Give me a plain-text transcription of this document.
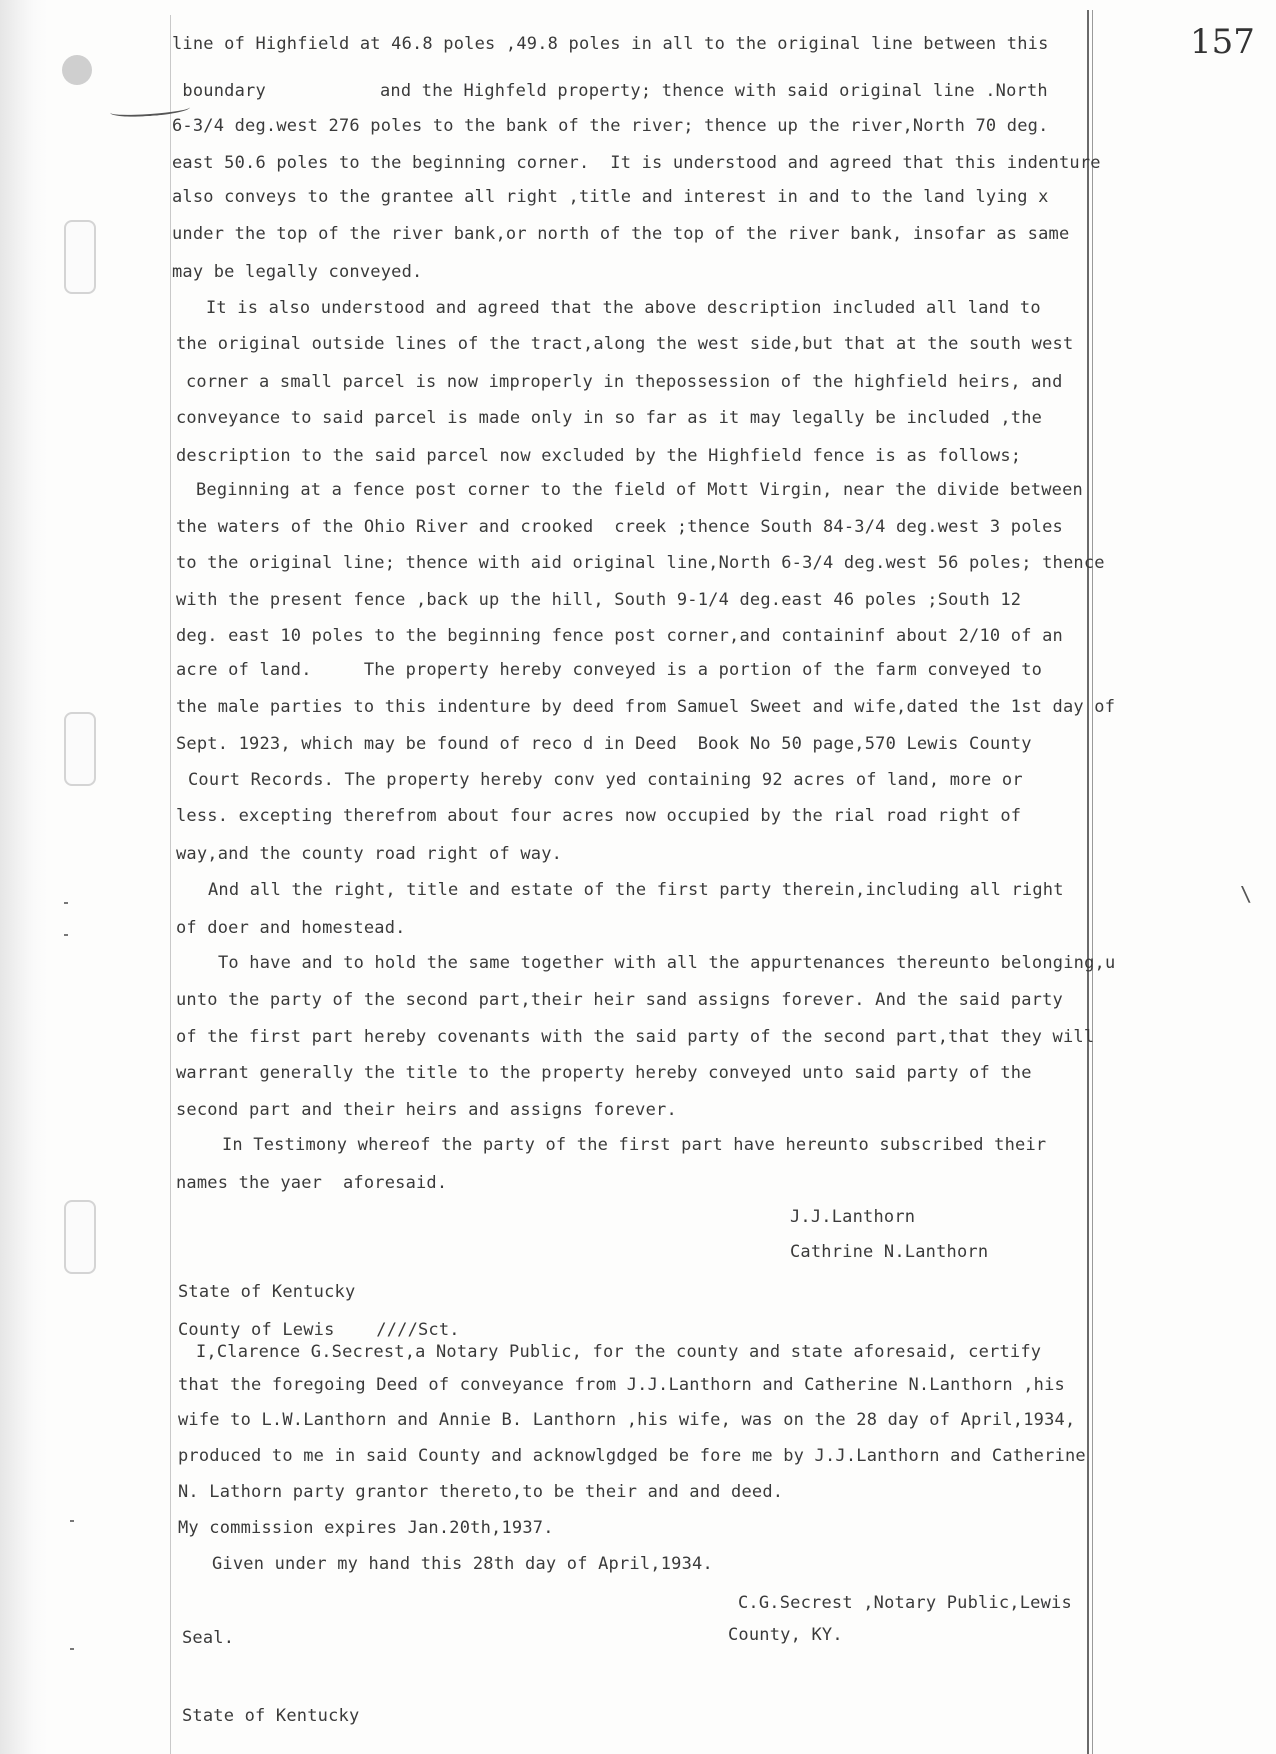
\
157
line of Highfield at 46.8 poles ,49.8 poles in all to the original line between this
boundary	and the Highfeld property; thence with said original line .North
6-3/4 deg.west 276 poles to the bank of the river; thence up the river,North 70 deg.
east 50.6 poles to the beginning corner.  It is understood and agreed that this indenture
also conveys to the grantee all right ,title and interest in and to the land lying x
under the top of the river bank,or north of the top of the river bank, insofar as same
may be legally conveyed.
It is also understood and agreed that the above description included all land to
the original outside lines of the tract,along the west side,but that at the south west
corner a small parcel is now improperly in thepossession of the highfield heirs, and
conveyance to said parcel is made only in so far as it may legally be included ,the
description to the said parcel now excluded by the Highfield fence is as follows;
Beginning at a fence post corner to the field of Mott Virgin, near the divide between
the waters of the Ohio River and crooked  creek ;thence South 84-3/4 deg.west 3 poles
to the original line; thence with aid original line,North 6-3/4 deg.west 56 poles; thence
with the present fence ,back up the hill, South 9-1/4 deg.east 46 poles ;South 12
deg. east 10 poles to the beginning fence post corner,and containinf about 2/10 of an
acre of land.     The property hereby conveyed is a portion of the farm conveyed to
the male parties to this indenture by deed from Samuel Sweet and wife,dated the 1st day of
Sept. 1923, which may be found of reco d in Deed  Book No 50 page,570 Lewis County
Court Records. The property hereby conv yed containing 92 acres of land, more or
less. excepting therefrom about four acres now occupied by the rial road right of
way,and the county road right of way.
And all the right, title and estate of the first party therein,including all right
of doer and homestead.
To have and to hold the same together with all the appurtenances thereunto belonging,u
unto the party of the second part,their heir sand assigns forever. And the said party
of the first part hereby covenants with the said party of the second part,that they will
warrant generally the title to the property hereby conveyed unto said party of the
second part and their heirs and assigns forever.
In Testimony whereof the party of the first part have hereunto subscribed their
names the yaer  aforesaid.
J.J.Lanthorn
Cathrine N.Lanthorn
State of Kentucky
County of Lewis    ////Sct.
I,Clarence G.Secrest,a Notary Public, for the county and state aforesaid, certify
that the foregoing Deed of conveyance from J.J.Lanthorn and Catherine N.Lanthorn ,his
wife to L.W.Lanthorn and Annie B. Lanthorn ,his wife, was on the 28 day of April,1934,
produced to me in said County and acknowlgdged be fore me by J.J.Lanthorn and Catherine
N. Lathorn party grantor thereto,to be their and and deed.
My commission expires Jan.20th,1937.
Given under my hand this 28th day of April,1934.
C.G.Secrest ,Notary Public,Lewis
Seal.	County, KY.
State of Kentucky
